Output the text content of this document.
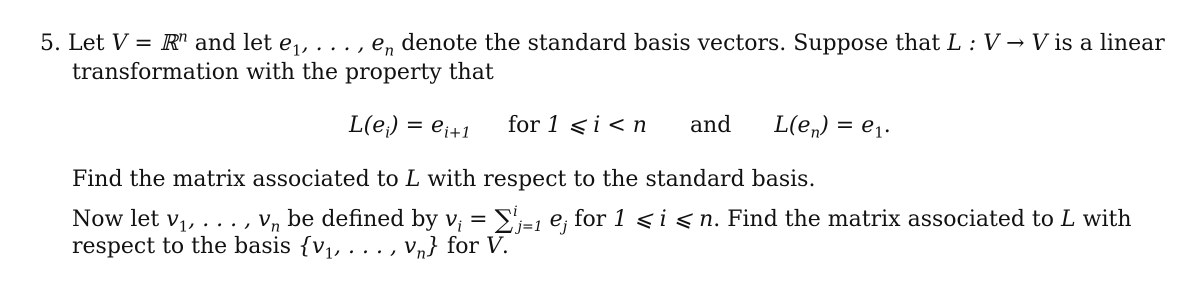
5. Let V = ℝ$^n$ and let $e_1$, . . . , $e_n$ denote the standard basis vectors. Suppose that L : V → V is a linear
transformation with the property that
$L(e_i) = e_{i+1}$ for 1 ⩽ i < n and $L(e_n) = e_1$.
Find the matrix associated to L with respect to the standard basis.
Now let $v_1$, . . . , $v_n$ be defined by $v_i = \sum^i_{j=1}$ $e_j$ for 1 ⩽ i ⩽ n. Find the matrix associated to L with
respect to the basis {$v_1$, . . . , $v_n$} for V.
